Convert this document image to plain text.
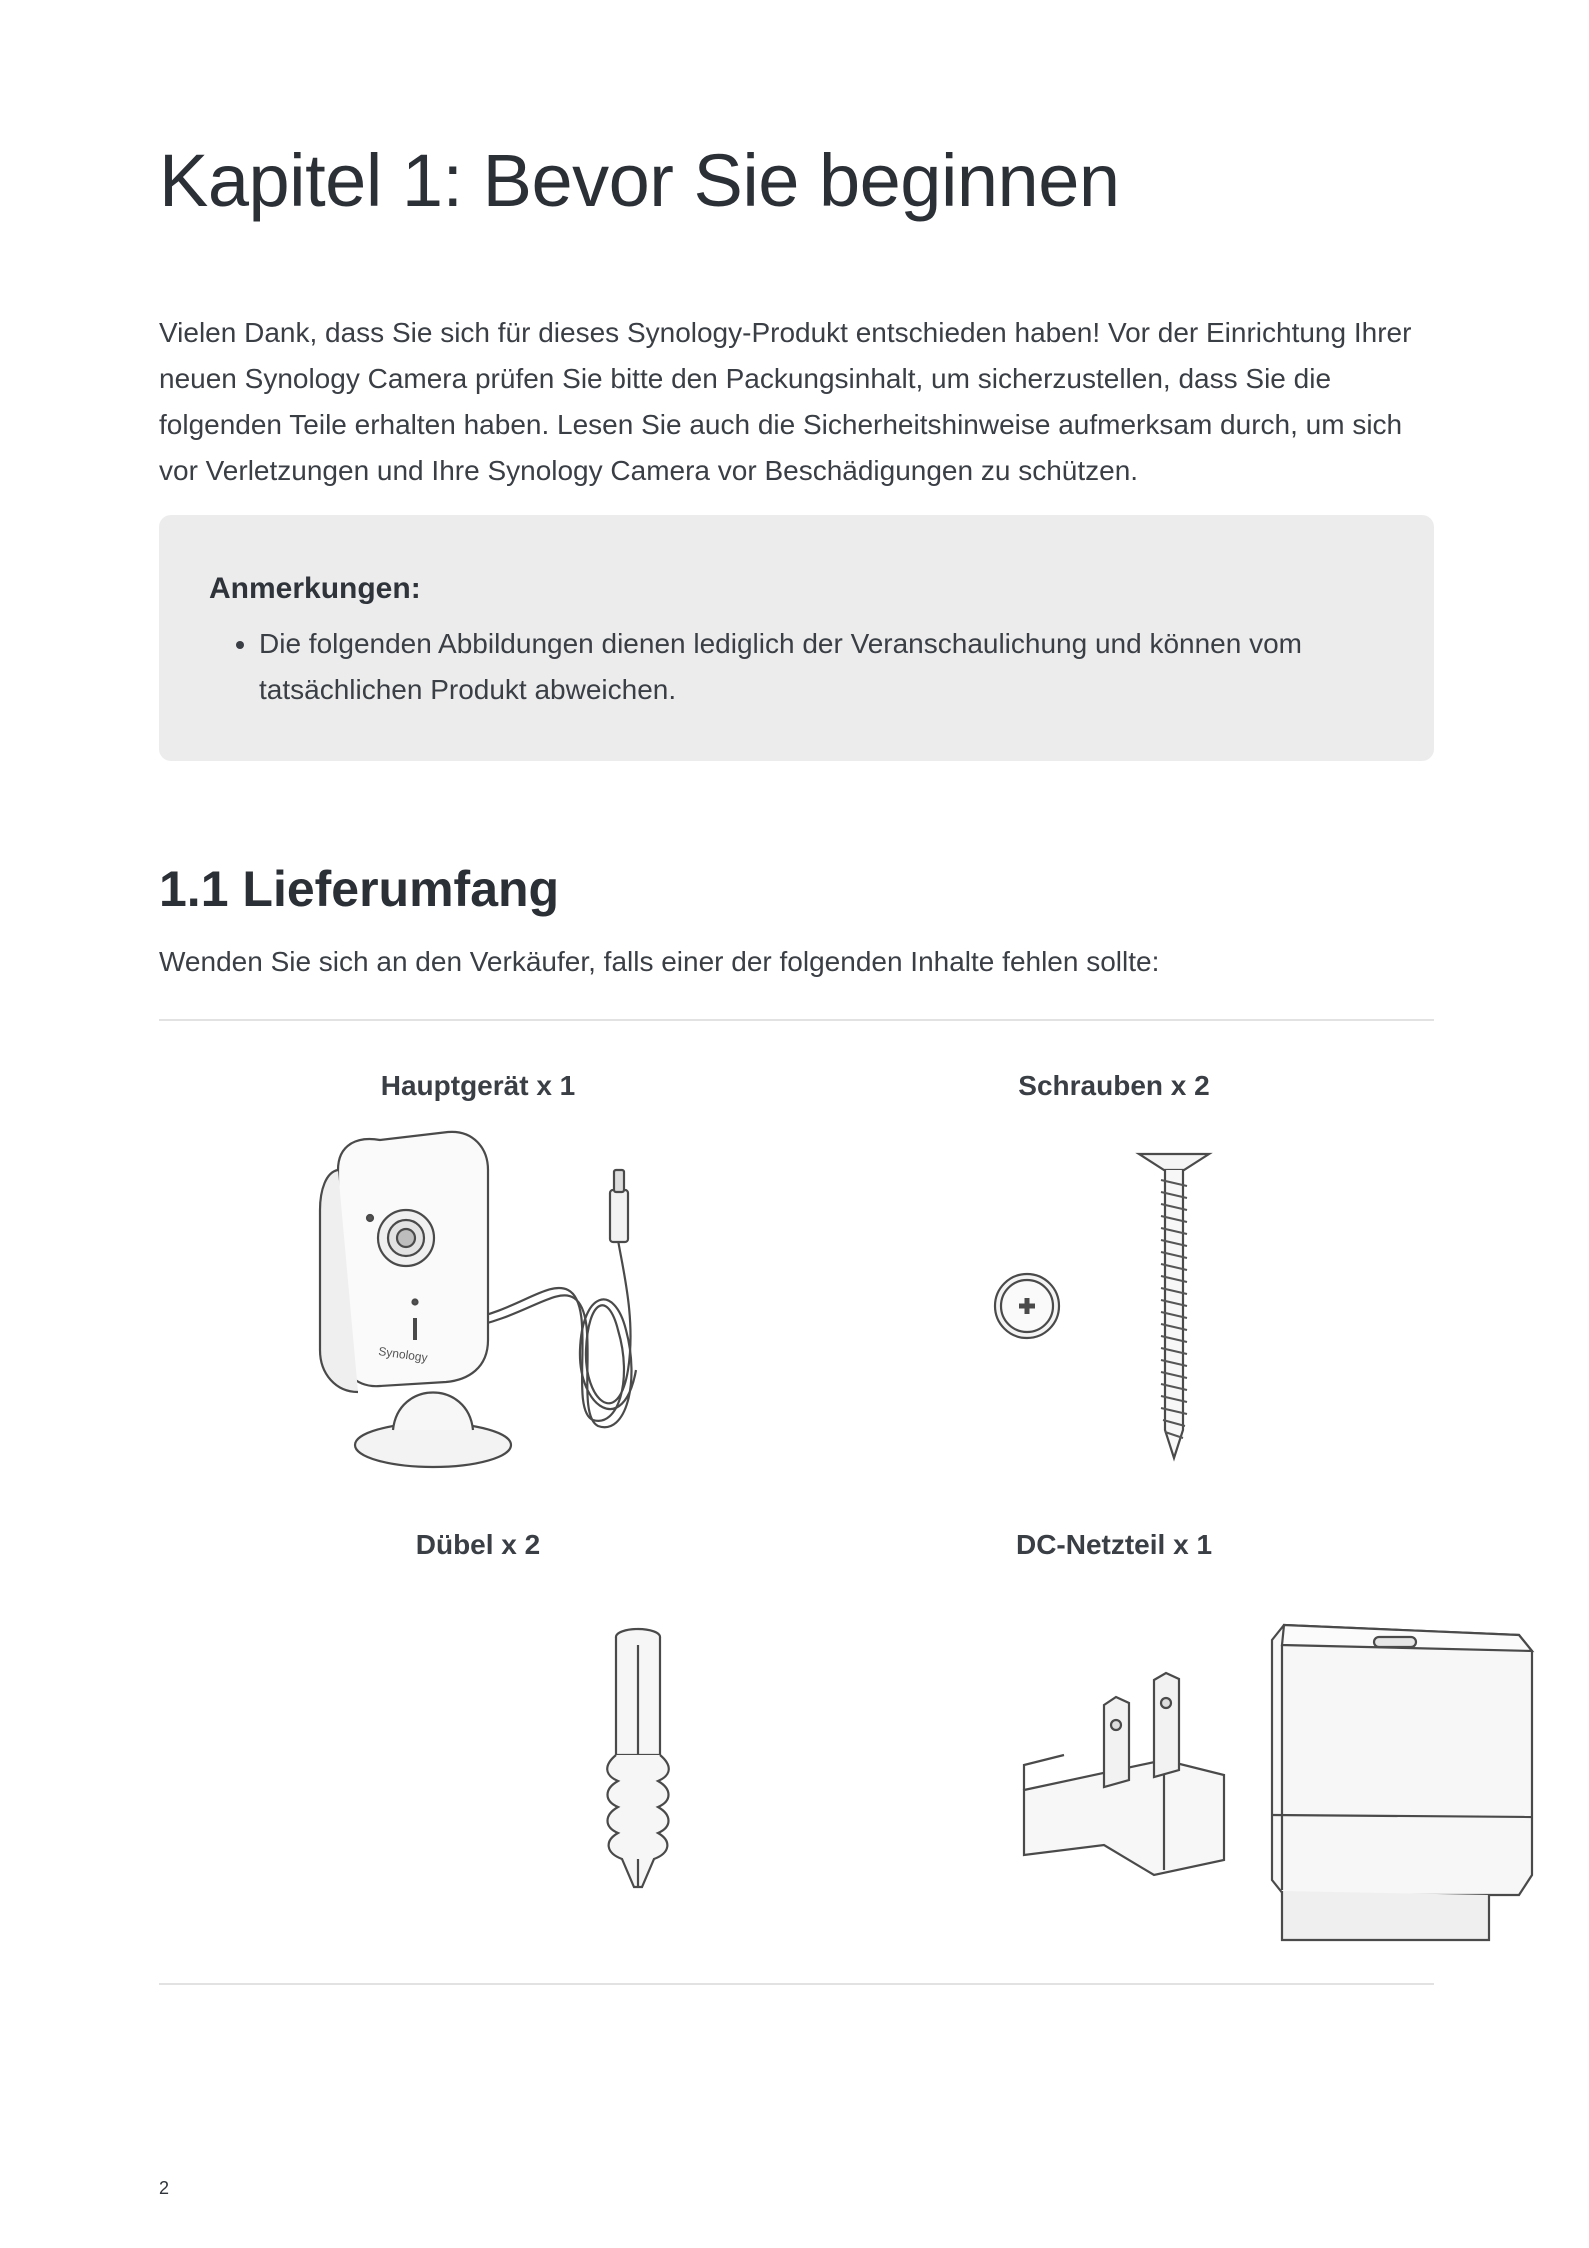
Kapitel 1: Bevor Sie beginnen

Vielen Dank, dass Sie sich für dieses Synology-Produkt entschieden haben! Vor der Einrichtung Ihrer neuen Synology Camera prüfen Sie bitte den Packungsinhalt, um sicherzustellen, dass Sie die folgenden Teile erhalten haben. Lesen Sie auch die Sicherheitshinweise aufmerksam durch, um sich vor Verletzungen und Ihre Synology Camera vor Beschädigungen zu schützen.

Anmerkungen:
• Die folgenden Abbildungen dienen lediglich der Veranschaulichung und können vom tatsächlichen Produkt abweichen.
1.1 Lieferumfang

Wenden Sie sich an den Verkäufer, falls einer der folgenden Inhalte fehlen sollte:

Hauptgerät x 1

Synology

Schrauben x 2

Dübel x 2	DC-Netzteil x 1

2
